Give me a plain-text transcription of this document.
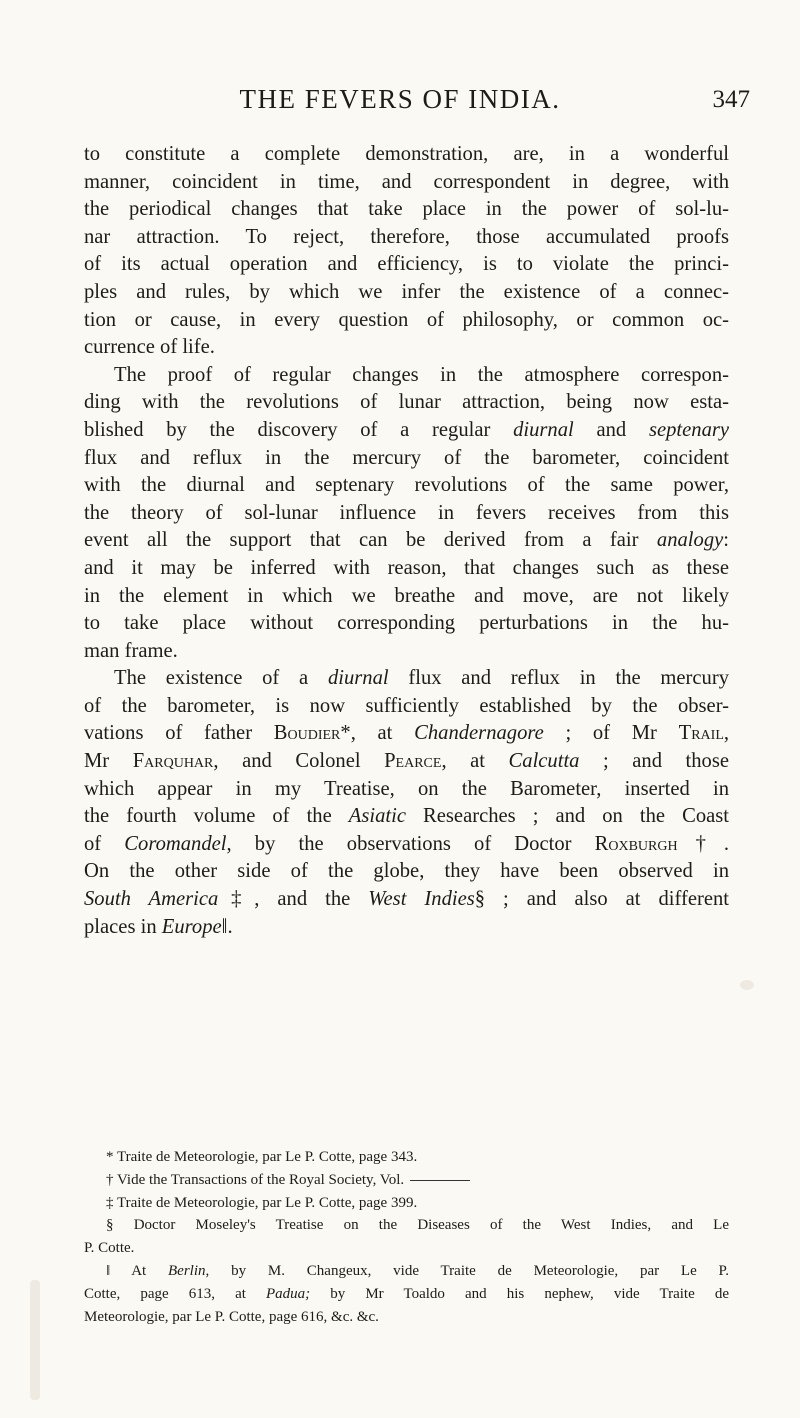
THE FEVERS OF INDIA.	347

to constitute a complete demonstration, are, in a wonderful
manner, coincident in time, and correspondent in degree, with
the periodical changes that take place in the power of sol-lu-
nar attraction. To reject, therefore, those accumulated proofs
of its actual operation and efficiency, is to violate the princi-
ples and rules, by which we infer the existence of a connec-
tion or cause, in every question of philosophy, or common oc-
currence of life.

The proof of regular changes in the atmosphere correspon-
ding with the revolutions of lunar attraction, being now esta-
blished by the discovery of a regular diurnal and septenary
flux and reflux in the mercury of the barometer, coincident
with the diurnal and septenary revolutions of the same power,
the theory of sol-lunar influence in fevers receives from this
event all the support that can be derived from a fair analogy:
and it may be inferred with reason, that changes such as these
in the element in which we breathe and move, are not likely
to take place without corresponding perturbations in the hu-
man frame.

The existence of a diurnal flux and reflux in the mercury
of the barometer, is now sufficiently established by the obser-
vations of father Boudier*, at Chandernagore ; of Mr Trail,
Mr Farquhar, and Colonel Pearce, at Calcutta ; and those
which appear in my Treatise, on the Barometer, inserted in
the fourth volume of the Asiatic Researches ; and on the Coast
of Coromandel, by the observations of Doctor Roxburgh†.
On the other side of the globe, they have been observed in
South America‡, and the West Indies§ ; and also at different
places in Europe‖.

* Traite de Meteorologie, par Le P. Cotte, page 343.
† Vide the Transactions of the Royal Society, Vol.
‡ Traite de Meteorologie, par Le P. Cotte, page 399.
§ Doctor Moseley's Treatise on the Diseases of the West Indies, and Le
P. Cotte.
‖ At Berlin, by M. Changeux, vide Traite de Meteorologie, par Le P.
Cotte, page 613, at Padua; by Mr Toaldo and his nephew, vide Traite de
Meteorologie, par Le P. Cotte, page 616, &c. &c.
